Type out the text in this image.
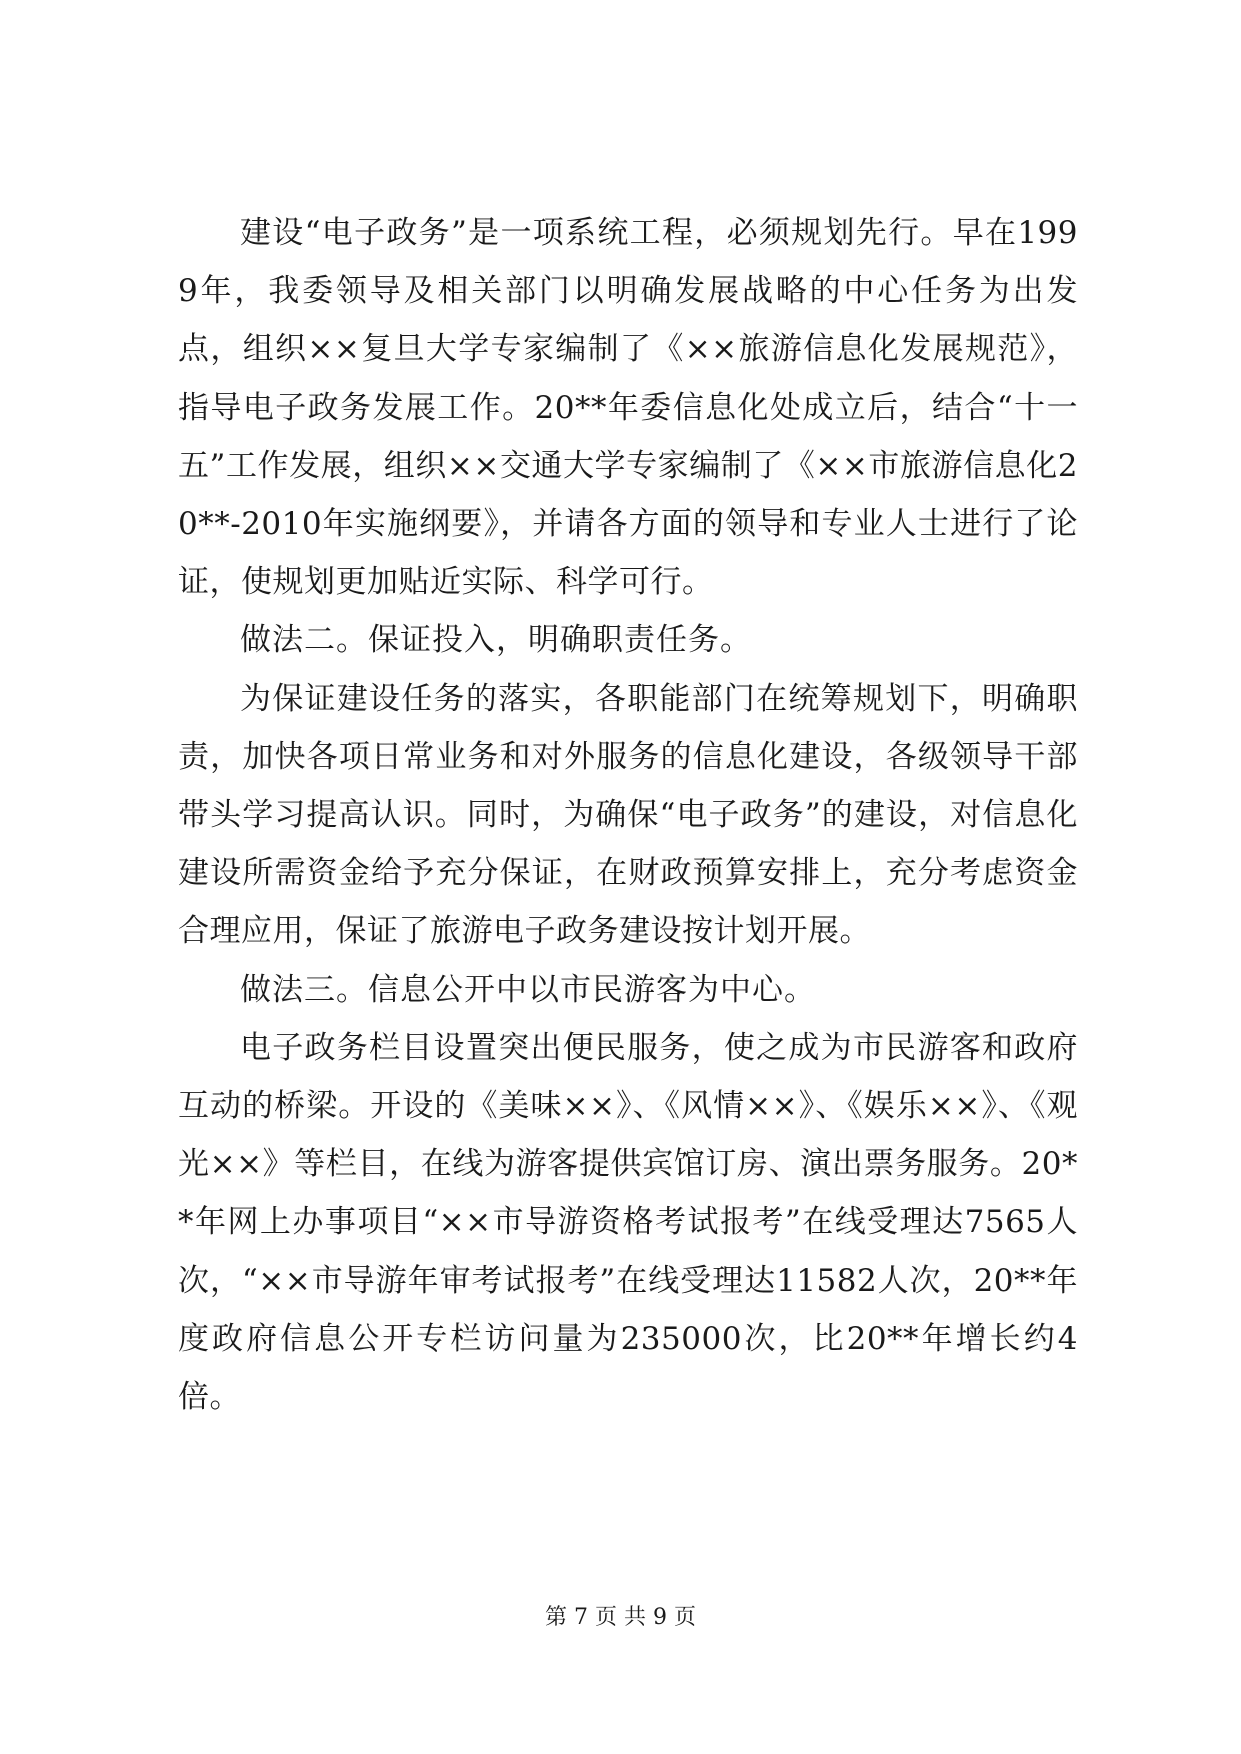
建设“电子政务”是一项系统工程，必须规划先行。早在1999年，我委领导及相关部门以明确发展战略的中心任务为出发点，组织××复旦大学专家编制了《××旅游信息化发展规范》，指导电子政务发展工作。20**年委信息化处成立后，结合“十一五”工作发展，组织××交通大学专家编制了《××市旅游信息化20**-2010年实施纲要》，并请各方面的领导和专业人士进行了论证，使规划更加贴近实际、科学可行。

做法二。保证投入，明确职责任务。

为保证建设任务的落实，各职能部门在统筹规划下，明确职责，加快各项日常业务和对外服务的信息化建设，各级领导干部带头学习提高认识。同时，为确保“电子政务”的建设，对信息化建设所需资金给予充分保证，在财政预算安排上，充分考虑资金合理应用，保证了旅游电子政务建设按计划开展。

做法三。信息公开中以市民游客为中心。

电子政务栏目设置突出便民服务，使之成为市民游客和政府互动的桥梁。开设的《美味××》、《风情××》、《娱乐××》、《观光××》等栏目，在线为游客提供宾馆订房、演出票务服务。20**年网上办事项目“××市导游资格考试报考”在线受理达7565人次，“××市导游年审考试报考”在线受理达11582人次，20**年度政府信息公开专栏访问量为235000次，比20**年增长约4倍。

第 7 页 共 9 页
